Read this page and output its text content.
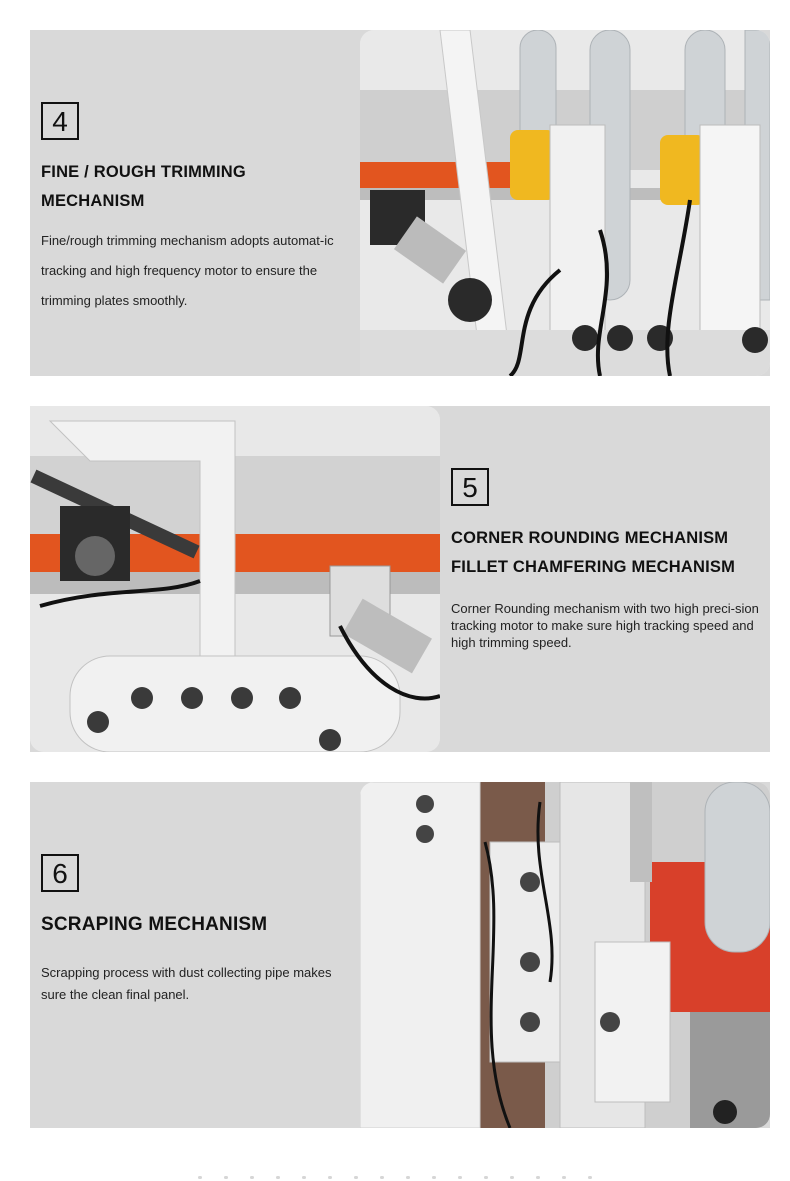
4
FINE / ROUGH TRIMMING
MECHANISM
Fine/rough trimming mechanism adopts automat-ic tracking and high frequency motor to ensure the trimming plates smoothly.
5
CORNER ROUNDING MECHANISM
FILLET CHAMFERING MECHANISM
Corner Rounding mechanism with two high preci-sion tracking motor to make sure high tracking speed and high trimming speed.
6
SCRAPING MECHANISM
Scrapping process with dust collecting pipe makes sure the clean final panel.
